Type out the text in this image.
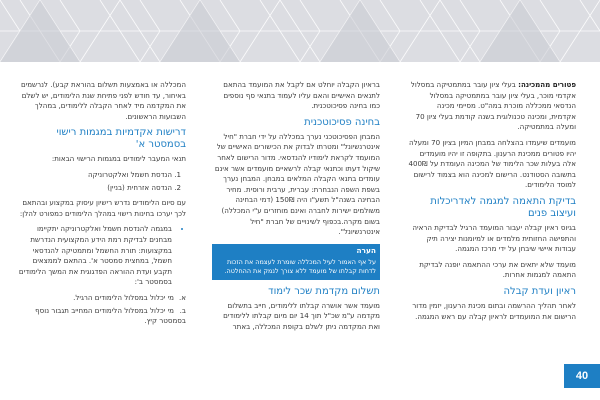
פטורים מהמכינה: בעלי ציון עובר במתמטיקה במסלול אקדמי מוכר, בעלי ציון עובר במתמטיקה במסלול הנדסאי ממכללה מוכרת במה"ט. מסיימי מכינה אקדמית, ומכינה טכנולוגית בשנה קודמת בעלי ציון 70 ומעלה במתמטיקה.

מועמדים שיעמדו בהצלחה במבחן המיון בציון 70 ומעלה יהיו פטורים ממכינת הרענון. בתקופה זו יהיו מועמדים אלה בעלות שכר הלימוד של המכינה העומדת על 400₪ בתשובה הסטודנט. הרישום למכינה הוא בצמוד לרישום למוסד הלימודים.

בדיקת התאמה למגמה לאדריכלות ועיצוב פנים

בגיוס ראיון קבלה יעבור המועמד הרגיל לבדיקת הראיה והתפישה החזותית מלמדים או למיומנות יצירה תיק עבודות איישי שיבחן על ידי מרכז המגמה.

מועמד שלא יתאים את ערכי ההתאמה יופנה לבדיקת התאמה למגמות אחרות.

ראיון ועדת קבלה

לאחר תהליך ההרשמה ובתום מכינת הרענון, יזמין מדור הרישום את המועמדים לראיון קבלה עם ראש המגמה.

בראיון הקבלה יוחלט אם לקבל את המועמד בהתאם לתנאים האישיים והאם עליו לעמוד בתנאי סף נוספים כמו בחינה פסיכוטכנית.

בחינה פסיכוטכנית

המבחן הפסיכוטכני נערך במכללה על ידי חברת "חיל אינטרנשיונל" ומטרתו לבדוק את הכישורים האישיים של המועמד לקראת לימודיו להנדסאי. מדור הרישום לאחר שיקול דעתו וכתנאי קבלה לרשאיים מועמדים אשר אינם עומדים בתנאי הקבלה המלאים במבחן. המבחן נערך בשפת השפה הנבחרת: עברית, ערבית ורוסית. מחיר הבחינה בשנה"ל תשע"ו היה 150₪ (דמי הבחינה משולמים ישירות לחברה ואינם מוחזרים ע"י המכללה) בשום מקרה.בכפוף לשינויים של חברת "חיל אינטרנשיונל".

הערה
על אף האמור לעיל המכללה שומרת לעצמה את הזכות לדחות קבלתו של מועמד ללא צורך לנמק את ההחלטה.
תשלום מקדמת שכר לימוד

מועמד אשר אושרה קבלתו ללימודים, חייב בתשלום מקדמה ע"מ שכ"ל תוך 14 יום מיום קבלתו ללימודים ואת המקדמה ניתן לשלם בקופת המכללה, באתר

המכללה או באמצעות תשלום בהוראת קבע). לנרשמים באיחור, עד חודש לפני פתיחת שנת הלימודים, יש לשלם את המקדמה מיד לאחר הקבלה ללימודים, במהלך השבועות הראשונים.

דרישות אקדמיות במגמות רישוי בסמסטר א'

תנאי המעבר לימודים במגמות הרישוי הבאות:

1. הנדסת חשמל ואלקטרוניקה
2. הנדסה אזרחית (בניין)

עם סיום הלימודים נדרש רישיון עיסוק במקצוע ובהתאם לכך יערכו בחינות רישוי במהלך הלימודים כמפורט להלן:

• במגמה להנדסת חשמל ואלקטרוניקה יתקיימו מבחנים לבדיקת רמת הידע המקצועית הנדרשת במקצועות: תורת החשמל ומתמטיקה להנדסאי חשמל, במחצית סמסטר א'. בהתאם לממצאים תקבע ועדת ההוראה הפדגוגית את המשך הלימודים בסמסטר ב':
א.מי יכלול במסלול הלימודים הרגיל.
ב.מי יכלול במסלול הלימודים המחייב תגבור נוסף בסמסטר קיץ.
40
